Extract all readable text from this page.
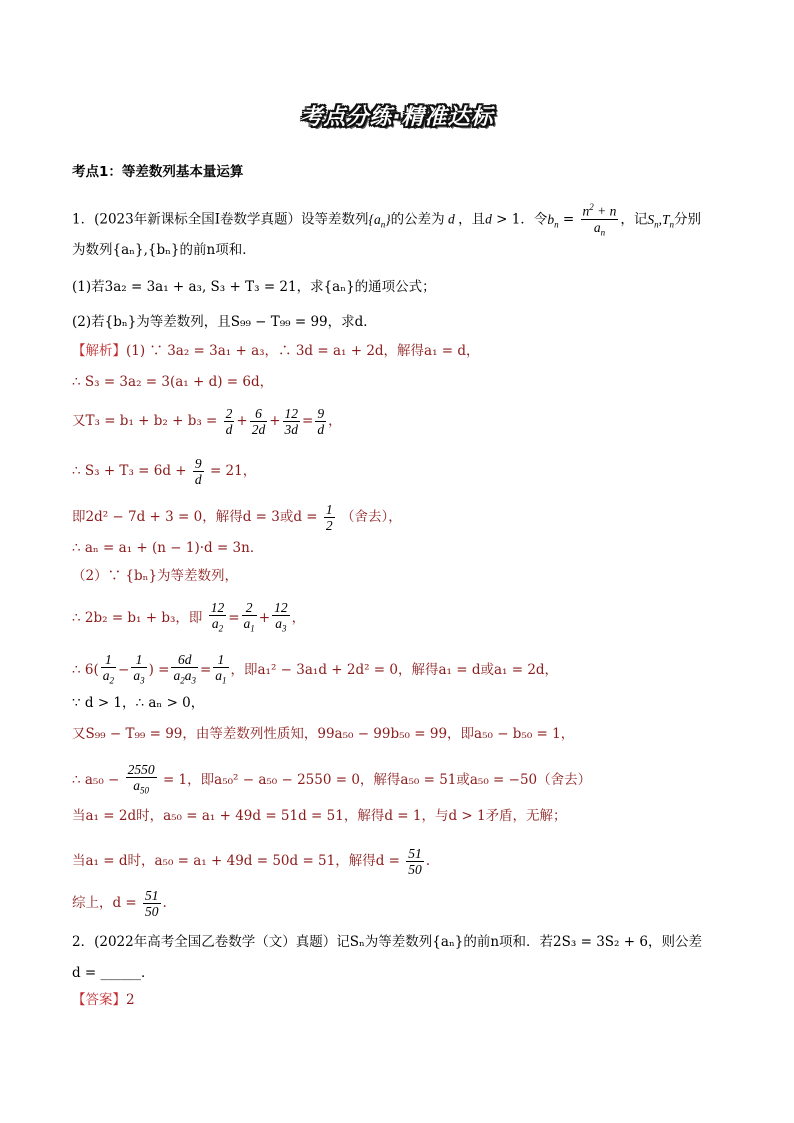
考点分练·精准达标
考点1：等差数列基本量运算
1．(2023年新课标全国Ⅰ卷数学真题）设等差数列$\{a_n\}$的公差为 d ，且d > 1．令$b_n = \frac{n^2 + n}{a_n}$ ，记$S_n,T_n$分别
为数列{aₙ},{bₙ}的前n项和．
(1)若3a₂ = 3a₁ + a₃, S₃ + T₃ = 21，求{aₙ}的通项公式；
(2)若{bₙ}为等差数列，且S₉₉ − T₉₉ = 99，求d．
【解析】(1) ∵ 3a₂ = 3a₁ + a₃，∴ 3d = a₁ + 2d，解得a₁ = d，
∴ S₃ = 3a₂ = 3(a₁ + d) = 6d，
又$T_3 = b_1 + b_2 + b_3 = \frac{2}{d} + \frac{6}{2d} + \frac{12}{3d} = \frac{9}{d}$ ，
∴ $S_3 + T_3 = 6d + \frac{9}{d} = 21$，
即2d² − 7d + 3 = 0，解得d = 3或$d = \frac{1}{2}$ （舍去），
∴ aₙ = a₁ + (n − 1)·d = 3n．
（2）∵ {bₙ}为等差数列，
∴ 2b₂ = b₁ + b₃，即 $\frac{12}{a_2} = \frac{2}{a_1} + \frac{12}{a_3}$ ，
∴ $6( \frac{1}{a_2} - \frac{1}{a_3}$ ) = $\frac{6d}{a_2a_3} = \frac{1}{a_1}$ ，即a₁² − 3a₁d + 2d² = 0，解得a₁ = d或a₁ = 2d，
∵ d > 1，∴ aₙ > 0，
又S₉₉ − T₉₉ = 99，由等差数列性质知，99a₅₀ − 99b₅₀ = 99，即a₅₀ − b₅₀ = 1，
∴ $a_{50} - \frac{2550}{a_{50}} = 1$，即a₅₀² − a₅₀ − 2550 = 0，解得a₅₀ = 51或a₅₀ = −50（舍去）
当a₁ = 2d时，a₅₀ = a₁ + 49d = 51d = 51，解得d = 1，与d > 1矛盾，无解；
当a₁ = d时，a₅₀ = a₁ + 49d = 50d = 51，解得$d = \frac{51}{50}$ .
综上，$d = \frac{51}{50}$ .
2．(2022年高考全国乙卷数学（文）真题）记Sₙ为等差数列{aₙ}的前n项和．若2S₃ = 3S₂ + 6，则公差
d = ______．
【答案】2
